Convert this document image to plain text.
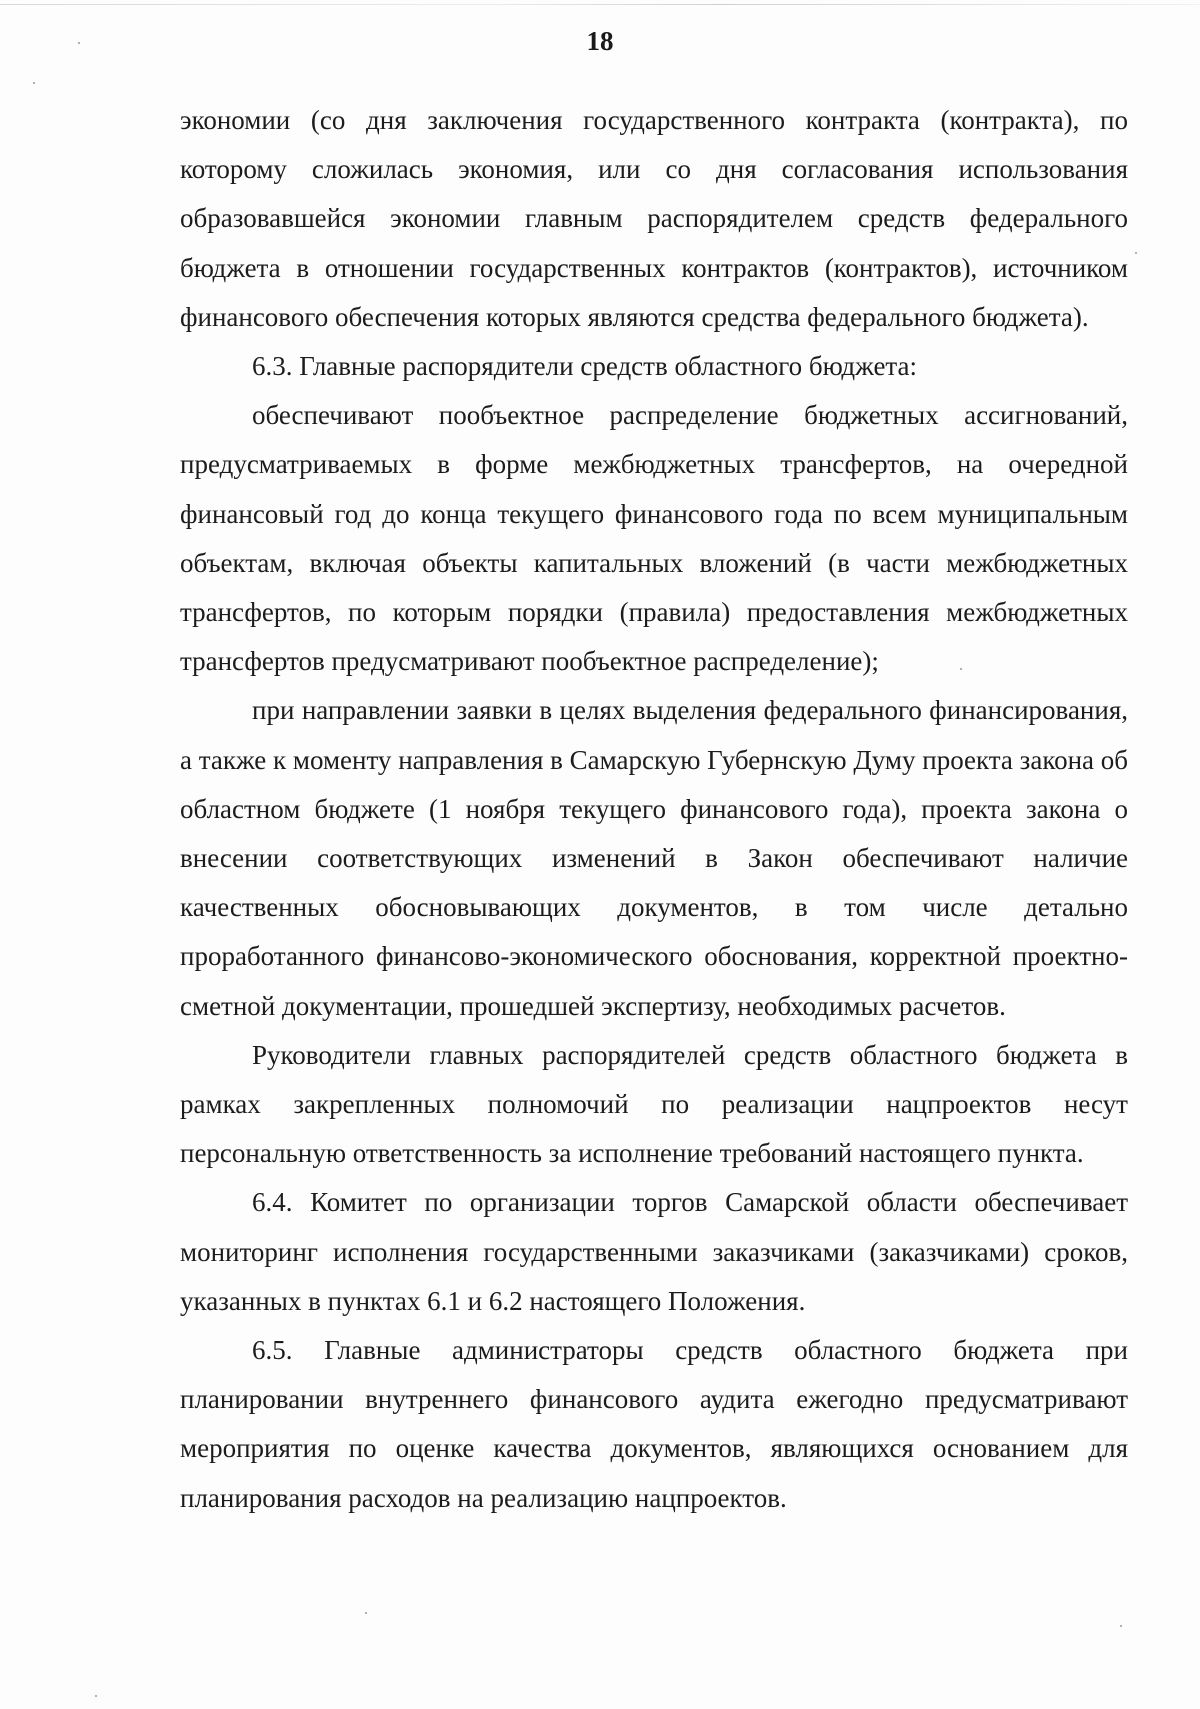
18

экономии (со дня заключения государственного контракта (контракта), по которому сложилась экономия, или со дня согласования использования образовавшейся экономии главным распорядителем средств федерального бюджета в отношении государственных контрактов (контрактов), источником финансового обеспечения которых являются средства федерального бюджета).

6.3. Главные распорядители средств областного бюджета:

обеспечивают пообъектное распределение бюджетных ассигнований, предусматриваемых в форме межбюджетных трансфертов, на очередной финансовый год до конца текущего финансового года по всем муниципальным объектам, включая объекты капитальных вложений (в части межбюджетных трансфертов, по которым порядки (правила) предоставления межбюджетных трансфертов предусматривают пообъектное распределение);

при направлении заявки в целях выделения федерального финансирования, а также к моменту направления в Самарскую Губернскую Думу проекта закона об областном бюджете (1 ноября текущего финансового года), проекта закона о внесении соответствующих изменений в Закон обеспечивают наличие качественных обосновывающих документов, в том числе детально проработанного финансово-экономического обоснования, корректной проектно-сметной документации, прошедшей экспертизу, необходимых расчетов.

Руководители главных распорядителей средств областного бюджета в рамках закрепленных полномочий по реализации нацпроектов несут персональную ответственность за исполнение требований настоящего пункта.

6.4. Комитет по организации торгов Самарской области обеспечивает мониторинг исполнения государственными заказчиками (заказчиками) сроков, указанных в пунктах 6.1 и 6.2 настоящего Положения.

6.5. Главные администраторы средств областного бюджета при планировании внутреннего финансового аудита ежегодно предусматривают мероприятия по оценке качества документов, являющихся основанием для планирования расходов на реализацию нацпроектов.
